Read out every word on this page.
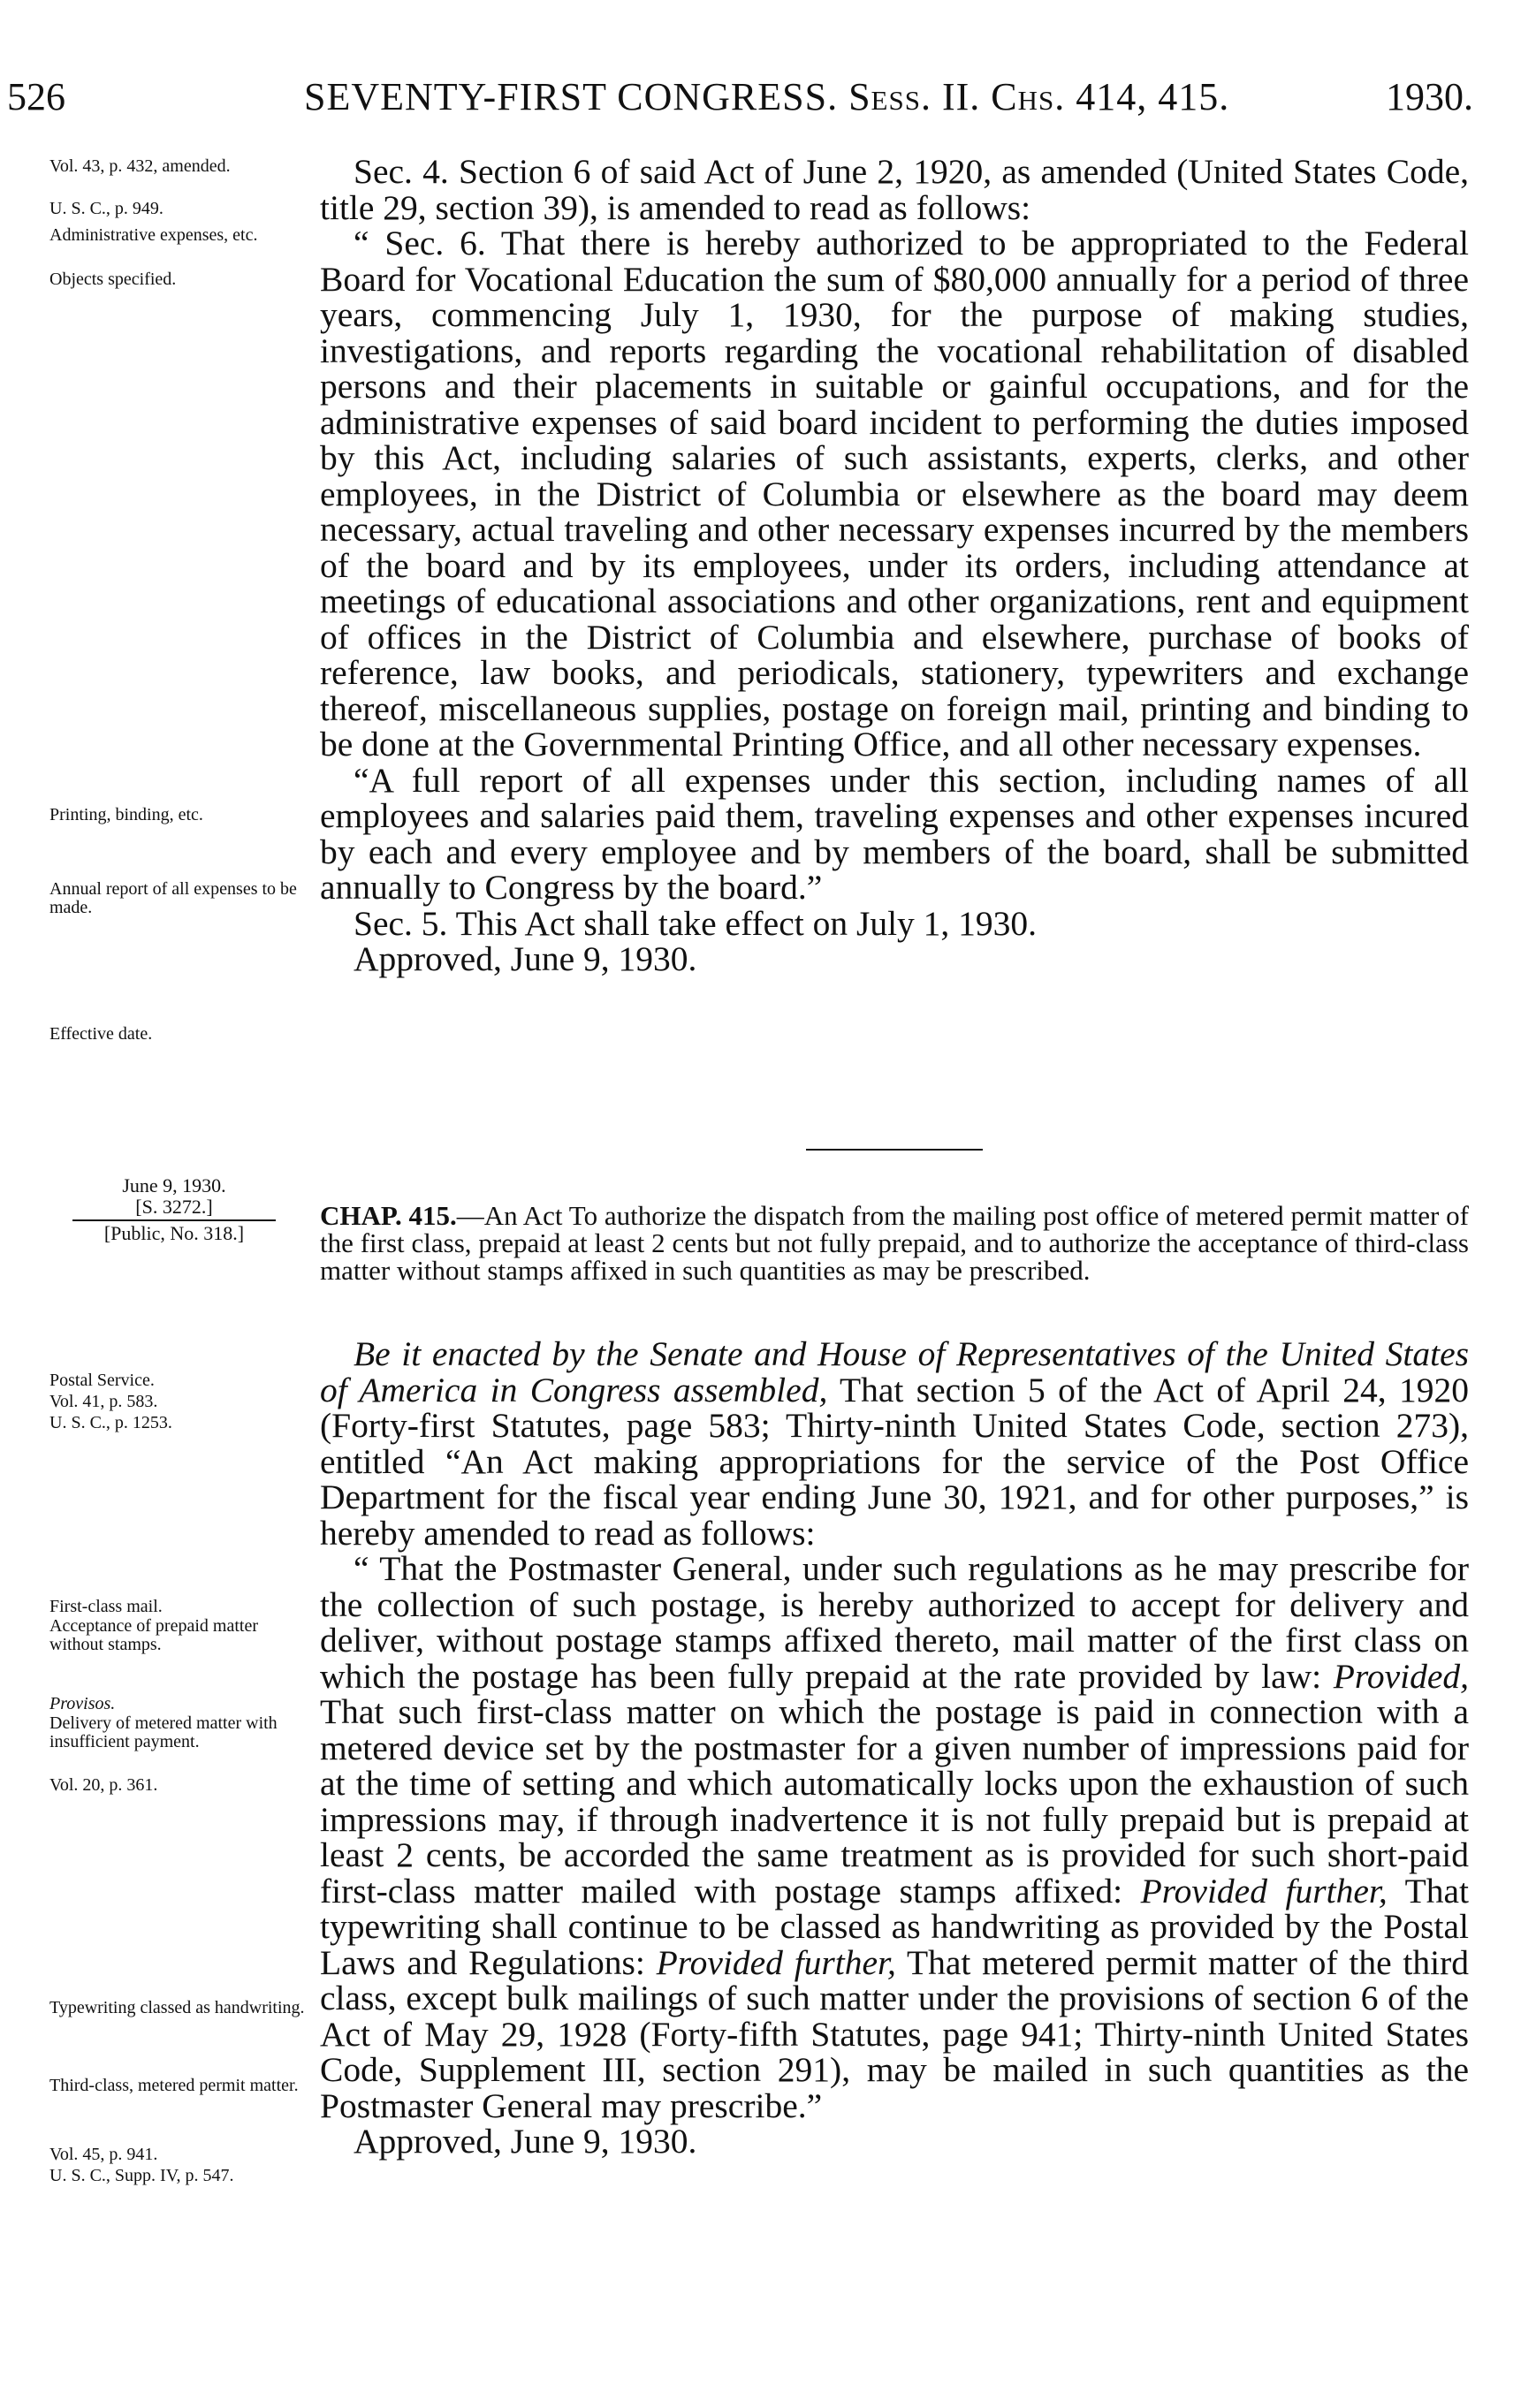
526	SEVENTY-FIRST CONGRESS. Sess. II. Chs. 414, 415.	1930.
Vol. 43, p. 432, amended.
U. S. C., p. 949.
Administrative expenses, etc.
Objects specified.
Printing, binding, etc.
Annual report of all expenses to be made.
Effective date.
Postal Service.
Vol. 41, p. 583.
U. S. C., p. 1253.
First-class mail.
Acceptance of prepaid matter without stamps.
Provisos.
Delivery of metered matter with insufficient payment.
Vol. 20, p. 361.
Typewriting classed as handwriting.
Third-class, metered permit matter.
Vol. 45, p. 941.
U. S. C., Supp. IV, p. 547.

Sec. 4. Section 6 of said Act of June 2, 1920, as amended (United States Code, title 29, section 39), is amended to read as follows:

“ Sec. 6. That there is hereby authorized to be appropriated to the Federal Board for Vocational Education the sum of $80,000 annually for a period of three years, commencing July 1, 1930, for the purpose of making studies, investigations, and reports regarding the vocational rehabilitation of disabled persons and their placements in suitable or gainful occupations, and for the administrative expenses of said board incident to performing the duties imposed by this Act, including salaries of such assistants, experts, clerks, and other employees, in the District of Columbia or elsewhere as the board may deem necessary, actual traveling and other necessary expenses incurred by the members of the board and by its employees, under its orders, including attendance at meetings of educational associations and other organizations, rent and equipment of offices in the District of Columbia and elsewhere, purchase of books of reference, law books, and periodicals, stationery, typewriters and exchange thereof, miscellaneous supplies, postage on foreign mail, printing and binding to be done at the Governmental Printing Office, and all other necessary expenses.

“A full report of all expenses under this section, including names of all employees and salaries paid them, traveling expenses and other expenses incured by each and every employee and by members of the board, shall be submitted annually to Congress by the board.”

Sec. 5. This Act shall take effect on July 1, 1930.

Approved, June 9, 1930.

June 9, 1930.
[S. 3272.]
[Public, No. 318.]
CHAP. 415.—An Act To authorize the dispatch from the mailing post office of metered permit matter of the first class, prepaid at least 2 cents but not fully prepaid, and to authorize the acceptance of third-class matter without stamps affixed in such quantities as may be prescribed.

Be it enacted by the Senate and House of Representatives of the United States of America in Congress assembled, That section 5 of the Act of April 24, 1920 (Forty-first Statutes, page 583; Thirty-ninth United States Code, section 273), entitled “An Act making appropriations for the service of the Post Office Department for the fiscal year ending June 30, 1921, and for other purposes,” is hereby amended to read as follows:

“ That the Postmaster General, under such regulations as he may prescribe for the collection of such postage, is hereby authorized to accept for delivery and deliver, without postage stamps affixed thereto, mail matter of the first class on which the postage has been fully prepaid at the rate provided by law: Provided, That such first-class matter on which the postage is paid in connection with a metered device set by the postmaster for a given number of impressions paid for at the time of setting and which automatically locks upon the exhaustion of such impressions may, if through inadvertence it is not fully prepaid but is prepaid at least 2 cents, be accorded the same treatment as is provided for such short-paid first-class matter mailed with postage stamps affixed: Provided further, That typewriting shall continue to be classed as handwriting as provided by the Postal Laws and Regulations: Provided further, That metered permit matter of the third class, except bulk mailings of such matter under the provisions of section 6 of the Act of May 29, 1928 (Forty-fifth Statutes, page 941; Thirty-ninth United States Code, Supplement III, section 291), may be mailed in such quantities as the Postmaster General may prescribe.”

Approved, June 9, 1930.
